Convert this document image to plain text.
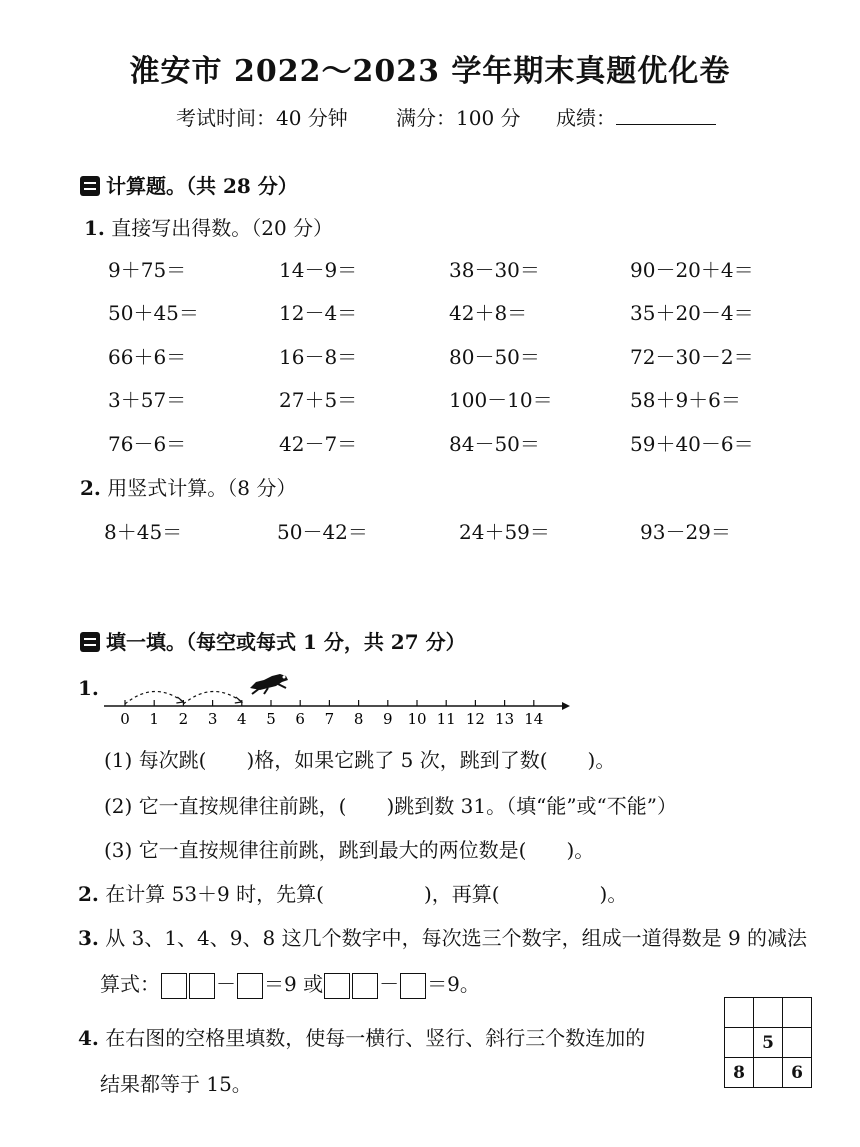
淮安市 2022～2023 学年期末真题优化卷
考试时间：40 分钟 满分：100 分 成绩：
计算题。（共 28 分）
1. 直接写出得数。（20 分）
9＋75＝	14－9＝	38－30＝	90－20＋4＝
50＋45＝	12－4＝	42＋8＝	35＋20－4＝
66＋6＝	16－8＝	80－50＝	72－30－2＝
3＋57＝	27＋5＝	100－10＝	58＋9＋6＝
76－6＝	42－7＝	84－50＝	59＋40－6＝
2. 用竖式计算。（8 分）
8＋45＝	50－42＝	24＋59＝	93－29＝
填一填。（每空或每式 1 分，共 27 分）
1.
0 1 2 3 4 5 6 7 8 9 10 11 12 13 14
(1) 每次跳(　　)格，如果它跳了 5 次，跳到了数(　　)。
(2) 它一直按规律往前跳，(　　)跳到数 31。（填“能”或“不能”）
(3) 它一直按规律往前跳，跳到最大的两位数是(　　)。
2. 在计算 53＋9 时，先算(　　　　　)，再算(　　　　　)。
3. 从 3、1、4、9、8 这几个数字中，每次选三个数字，组成一道得数是 9 的减法
算式：	－ ＝9 或	－ ＝9。
4. 在右图的空格里填数，使每一横行、竖行、斜行三个数连加的
结果都等于 15。

	5	
8		6
